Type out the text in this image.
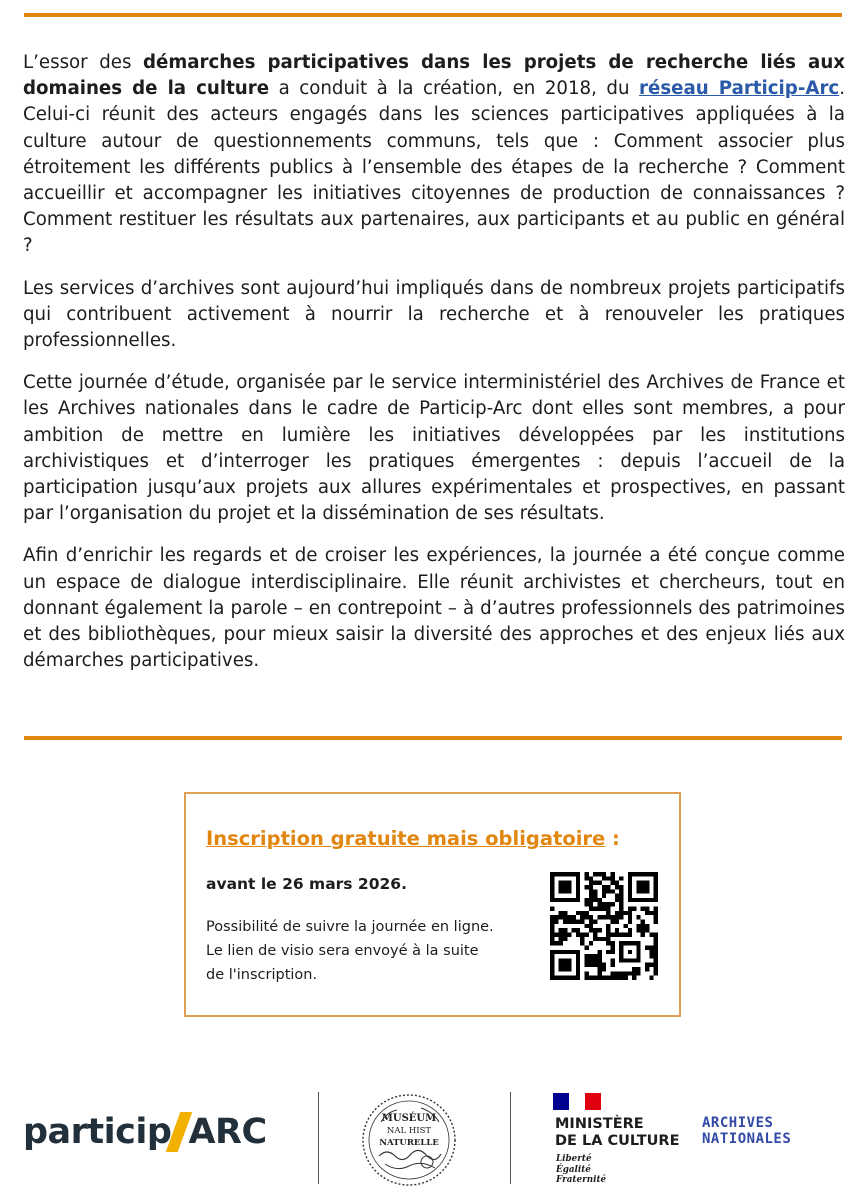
L’essor des démarches participatives dans les projets de recherche liés aux domaines de la culture a conduit à la création, en 2018, du réseau Particip-Arc. Celui-ci réunit des acteurs engagés dans les sciences participatives appliquées à la culture autour de questionnements communs, tels que : Comment associer plus étroitement les différents publics à l’ensemble des étapes de la recherche ? Comment accueillir et accompagner les initiatives citoyennes de production de connaissances ? Comment restituer les résultats aux partenaires, aux participants et au public en général ?

Les services d’archives sont aujourd’hui impliqués dans de nombreux projets participatifs qui contribuent activement à nourrir la recherche et à renouveler les pratiques professionnelles.

Cette journée d’étude, organisée par le service interministériel des Archives de France et les Archives nationales dans le cadre de Particip-Arc dont elles sont membres, a pour ambition de mettre en lumière les initiatives développées par les institutions archivistiques et d’interroger les pratiques émergentes : depuis l’accueil de la participation jusqu’aux projets aux allures expérimentales et prospectives, en passant par l’organisation du projet et la dissémination de ses résultats.

Afin d’enrichir les regards et de croiser les expériences, la journée a été conçue comme un espace de dialogue interdisciplinaire. Elle réunit archivistes et chercheurs, tout en donnant également la parole – en contrepoint – à d’autres professionnels des patrimoines et des bibliothèques, pour mieux saisir la diversité des approches et des enjeux liés aux démarches participatives.

Inscription gratuite mais obligatoire :
avant le 26 mars 2026.
Possibilité de suivre la journée en ligne.
Le lien de visio sera envoyé à la suite
de l'inscription.
particip ARC	MUSÉUM
NAL HIST
NATURELLE
MINISTÈRE
DE LA CULTURE
Liberté
Égalité
Fraternité
ARCHIVES
NATIONALES
